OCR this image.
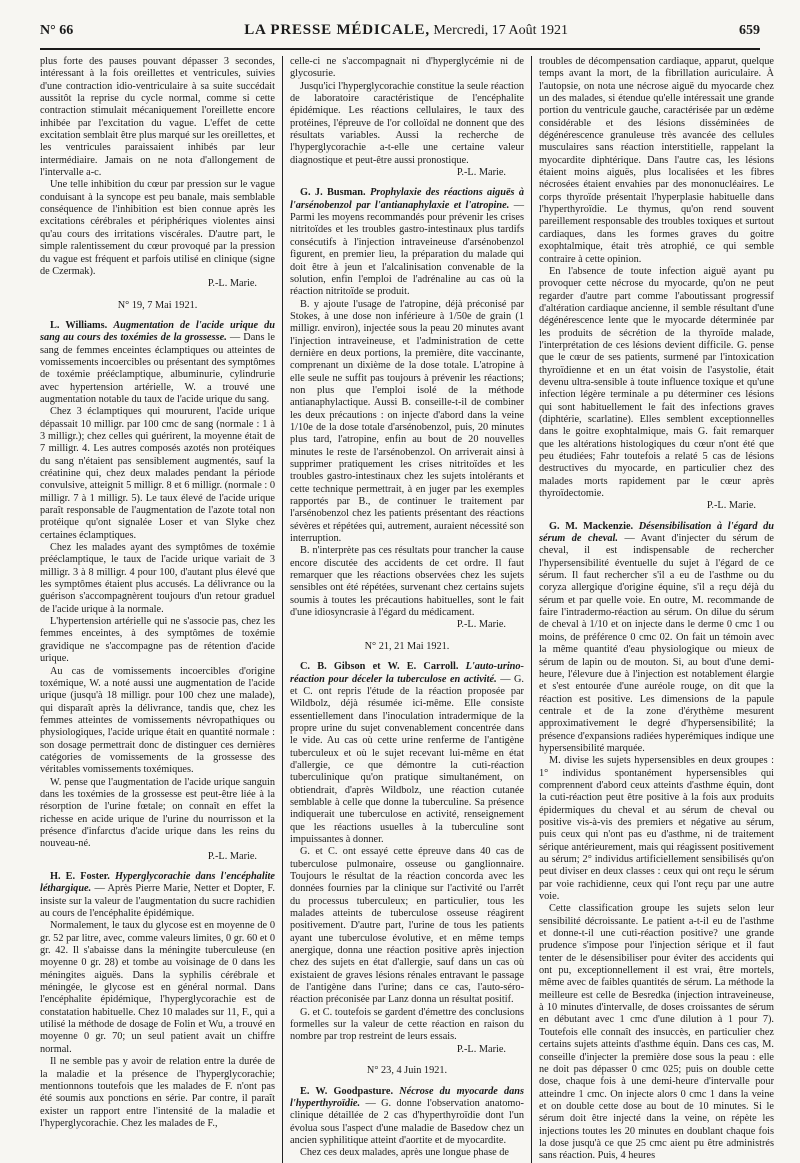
N° 66	LA PRESSE MÉDICALE, Mercredi, 17 Août 1921	659

plus forte des pauses pouvant dépasser 3 secondes, intéressant à la fois oreillettes et ventricules, suivies d'une contraction idio-ventriculaire à sa suite succédait aussitôt la reprise du cycle normal, comme si cette contraction stimulait mécaniquement l'oreillette encore inhibée par l'excitation du vague. L'effet de cette excitation semblait être plus marqué sur les oreillettes, et les ventricules paraissaient inhibés par leur intermédiaire. Jamais on ne nota d'allongement de l'intervalle a-c.

Une telle inhibition du cœur par pression sur le vague conduisant à la syncope est peu banale, mais semblable conséquence de l'inhibition est bien connue après les excitations cérébrales et périphériques violentes ainsi qu'au cours des irritations viscérales. D'autre part, le simple ralentissement du cœur provoqué par la pression du vague est fréquent et parfois utilisé en clinique (signe de Czermak).

P.-L. Marie.

N° 19, 7 Mai 1921.

L. Williams. Augmentation de l'acide urique du sang au cours des toxémies de la grossesse. — Dans le sang de femmes enceintes éclamptiques ou atteintes de vomissements incoercibles ou présentant des symptômes de toxémie prééclamptique, albuminurie, cylindrurie avec hypertension artérielle, W. a trouvé une augmentation notable du taux de l'acide urique du sang.

Chez 3 éclamptiques qui moururent, l'acide urique dépassait 10 milligr. par 100 cmc de sang (normale : 1 à 3 milligr.); chez celles qui guérirent, la moyenne était de 7 milligr. 4. Les autres composés azotés non protéiques du sang n'étaient pas sensiblement augmentés, sauf la créatinine qui, chez deux malades pendant la période convulsive, atteignit 5 milligr. 8 et 6 milligr. (normale : 0 milligr. 7 à 1 milligr. 5). Le taux élevé de l'acide urique paraît responsable de l'augmentation de l'azote total non protéique qu'ont signalée Loser et van Slyke chez certaines éclamptiques.

Chez les malades ayant des symptômes de toxémie prééclamptique, le taux de l'acide urique variait de 3 milligr. 3 à 8 milligr. 4 pour 100, d'autant plus élevé que les symptômes étaient plus accusés. La délivrance ou la guérison s'accompagnèrent toujours d'un retour graduel de l'acide urique à la normale.

L'hypertension artérielle qui ne s'associe pas, chez les femmes enceintes, à des symptômes de toxémie gravidique ne s'accompagne pas de rétention d'acide urique.

Au cas de vomissements incoercibles d'origine toxémique, W. a noté aussi une augmentation de l'acide urique (jusqu'à 18 milligr. pour 100 chez une malade), qui disparaît après la délivrance, tandis que, chez les femmes atteintes de vomissements névropathiques ou physiologiques, l'acide urique était en quantité normale : son dosage permettrait donc de distinguer ces dernières catégories de vomissements de la grossesse des véritables vomissements toxémiques.

W. pense que l'augmentation de l'acide urique sanguin dans les toxémies de la grossesse est peut-être liée à la résorption de l'urine fœtale; on connaît en effet la richesse en acide urique de l'urine du nourrisson et la présence d'infarctus d'acide urique dans les reins du nouveau-né.

P.-L. Marie.

H. E. Foster. Hyperglycorachie dans l'encéphalite léthargique. — Après Pierre Marie, Netter et Dopter, F. insiste sur la valeur de l'augmentation du sucre rachidien au cours de l'encéphalite épidémique.

Normalement, le taux du glycose est en moyenne de 0 gr. 52 par litre, avec, comme valeurs limites, 0 gr. 60 et 0 gr. 42. Il s'abaisse dans la méningite tuberculeuse (en moyenne 0 gr. 28) et tombe au voisinage de 0 dans les méningites aiguës. Dans la syphilis cérébrale et méningée, le glycose est en général normal. Dans l'encéphalite épidémique, l'hyperglycorachie est de constatation habituelle. Chez 10 malades sur 11, F., qui a utilisé la méthode de dosage de Folin et Wu, a trouvé en moyenne 0 gr. 70; un seul patient avait un chiffre normal.

Il ne semble pas y avoir de relation entre la durée de la maladie et la présence de l'hyperglycorachie; mentionnons toutefois que les malades de F. n'ont pas été soumis aux ponctions en série. Par contre, il paraît exister un rapport entre l'intensité de la maladie et l'hyperglycorachie. Chez les malades de F.,

celle-ci ne s'accompagnait ni d'hyperglycémie ni de glycosurie.

Jusqu'ici l'hyperglycorachie constitue la seule réaction de laboratoire caractéristique de l'encéphalite épidémique. Les réactions cellulaires, le taux des protéines, l'épreuve de l'or colloïdal ne donnent que des résultats variables. Aussi la recherche de l'hyperglycorachie a-t-elle une certaine valeur diagnostique et peut-être aussi pronostique.

P.-L. Marie.

G. J. Busman. Prophylaxie des réactions aiguës à l'arsénobenzol par l'antianaphylaxie et l'atropine. — Parmi les moyens recommandés pour prévenir les crises nitritoïdes et les troubles gastro-intestinaux plus tardifs consécutifs à l'injection intraveineuse d'arsénobenzol figurent, en premier lieu, la préparation du malade qui doit être à jeun et l'alcalinisation convenable de la solution, enfin l'emploi de l'adrénaline au cas où la réaction nitritoïde se produit.

B. y ajoute l'usage de l'atropine, déjà préconisé par Stokes, à une dose non inférieure à 1/50e de grain (1 milligr. environ), injectée sous la peau 20 minutes avant l'injection intraveineuse, et l'administration de cette dernière en deux portions, la première, dite vaccinante, comprenant un dixième de la dose totale. L'atropine à elle seule ne suffit pas toujours à prévenir les réactions; non plus que l'emploi isolé de la méthode antianaphylactique. Aussi B. conseille-t-il de combiner les deux précautions : on injecte d'abord dans la veine 1/10e de la dose totale d'arsénobenzol, puis, 20 minutes plus tard, l'atropine, enfin au bout de 20 nouvelles minutes le reste de l'arsénobenzol. On arriverait ainsi à supprimer pratiquement les crises nitritoïdes et les troubles gastro-intestinaux chez les sujets intolérants et cette technique permettrait, à en juger par les exemples rapportés par B., de continuer le traitement par l'arsénobenzol chez les patients présentant des réactions sévères et répétées qui, autrement, auraient nécessité son interruption.

B. n'interprète pas ces résultats pour trancher la cause encore discutée des accidents de cet ordre. Il faut remarquer que les réactions observées chez les sujets sensibles ont été répétées, survenant chez certains sujets soumis à toutes les précautions habituelles, sont le fait d'une idiosyncrasie à l'égard du médicament.

P.-L. Marie.

N° 21, 21 Mai 1921.

C. B. Gibson et W. E. Carroll. L'auto-urino-réaction pour déceler la tuberculose en activité. — G. et C. ont repris l'étude de la réaction proposée par Wildbolz, déjà résumée ici-même. Elle consiste essentiellement dans l'inoculation intradermique de la propre urine du sujet convenablement concentrée dans le vide. Au cas où cette urine renferme de l'antigène tuberculeux et où le sujet recevant lui-même en état d'allergie, ce que démontre la cuti-réaction tuberculinique qu'on pratique simultanément, on obtiendrait, d'après Wildbolz, une réaction cutanée semblable à celle que donne la tuberculine. Sa présence indiquerait une tuberculose en activité, renseignement que les réactions usuelles à la tuberculine sont impuissantes à donner.

G. et C. ont essayé cette épreuve dans 40 cas de tuberculose pulmonaire, osseuse ou ganglionnaire. Toujours le résultat de la réaction concorda avec les données fournies par la clinique sur l'activité ou l'arrêt du processus tuberculeux; en particulier, tous les malades atteints de tuberculose osseuse réagirent positivement. D'autre part, l'urine de tous les patients ayant une tuberculose évolutive, et en même temps anergique, donna une réaction positive après injection chez des sujets en état d'allergie, sauf dans un cas où existaient de graves lésions rénales entravant le passage de l'antigène dans l'urine; dans ce cas, l'auto-séro-réaction préconisée par Lanz donna un résultat positif.

G. et C. toutefois se gardent d'émettre des conclusions formelles sur la valeur de cette réaction en raison du nombre par trop restreint de leurs essais.

P.-L. Marie.

N° 23, 4 Juin 1921.

E. W. Goodpasture. Nécrose du myocarde dans l'hyperthyroïdie. — G. donne l'observation anatomo-clinique détaillée de 2 cas d'hyperthyroïdie dont l'un évolua sous l'aspect d'une maladie de Basedow chez un ancien syphilitique atteint d'aortite et de myocardite.

Chez ces deux malades, après une longue phase de

troubles de décompensation cardiaque, apparut, quelque temps avant la mort, de la fibrillation auriculaire. À l'autopsie, on nota une nécrose aiguë du myocarde chez un des malades, si étendue qu'elle intéressait une grande portion du ventricule gauche, caractérisée par un œdème considérable et des lésions disséminées de dégénérescence granuleuse très avancée des cellules musculaires sans réaction interstitielle, rappelant la myocardite diphtérique. Dans l'autre cas, les lésions étaient moins aiguës, plus localisées et les fibres nécrosées étaient envahies par des mononucléaires. Le corps thyroïde présentait l'hyperplasie habituelle dans l'hyperthyroïdie. Le thymus, qu'on rend souvent pareillement responsable des troubles toxiques et surtout cardiaques, dans les formes graves du goitre exophtalmique, était très atrophié, ce qui semble contraire à cette opinion.

En l'absence de toute infection aiguë ayant pu provoquer cette nécrose du myocarde, qu'on ne peut regarder d'autre part comme l'aboutissant progressif d'altération cardiaque ancienne, il semble résultant d'une dégénérescence lente que le myocarde déterminée par les produits de sécrétion de la thyroïde malade, l'interprétation de ces lésions devient difficile. G. pense que le cœur de ses patients, surmené par l'intoxication thyroïdienne et en un état voisin de l'asystolie, était devenu ultra-sensible à toute influence toxique et qu'une infection légère terminale a pu déterminer ces lésions qui sont habituellement le fait des infections graves (diphtérie, scarlatine). Elles semblent exceptionnelles dans le goitre exophtalmique, mais G. fait remarquer que les altérations histologiques du cœur n'ont été que peu étudiées; Fahr toutefois a relaté 5 cas de lésions destructives du myocarde, en particulier chez des malades morts rapidement par le cœur après thyroïdectomie.

P.-L. Marie.

G. M. Mackenzie. Désensibilisation à l'égard du sérum de cheval. — Avant d'injecter du sérum de cheval, il est indispensable de rechercher l'hypersensibilité éventuelle du sujet à l'égard de ce sérum. Il faut rechercher s'il a eu de l'asthme ou du coryza allergique d'origine équine, s'il a reçu déjà du sérum et par quelle voie. En outre, M. recommande de faire l'intradermo-réaction au sérum. On dilue du sérum de cheval à 1/10 et on injecte dans le derme 0 cmc 1 ou moins, de préférence 0 cmc 02. On fait un témoin avec la même quantité d'eau physiologique ou mieux de sérum de lapin ou de mouton. Si, au bout d'une demi-heure, l'élevure due à l'injection est notablement élargie et s'est entourée d'une auréole rouge, on dit que la réaction est positive. Les dimensions de la papule centrale et de la zone d'érythème mesurent approximativement le degré d'hypersensibilité; la présence d'expansions radiées hyperémiques indique une hypersensibilité marquée.

M. divise les sujets hypersensibles en deux groupes : 1° individus spontanément hypersensibles qui comprennent d'abord ceux atteints d'asthme équin, dont la cuti-réaction peut être positive à la fois aux produits épidermiques du cheval et au sérum de cheval ou positive vis-à-vis des premiers et négative au sérum, puis ceux qui n'ont pas eu d'asthme, ni de traitement sérique antérieurement, mais qui réagissent positivement au sérum; 2° individus artificiellement sensibilisés qu'on peut diviser en deux classes : ceux qui ont reçu le sérum par voie rachidienne, ceux qui l'ont reçu par une autre voie.

Cette classification groupe les sujets selon leur sensibilité décroissante. Le patient a-t-il eu de l'asthme et donne-t-il une cuti-réaction positive? une grande prudence s'impose pour l'injection sérique et il faut tenter de le désensibiliser pour éviter des accidents qui ont pu, exceptionnellement il est vrai, être mortels, même avec de faibles quantités de sérum. La méthode la meilleure est celle de Besredka (injection intraveineuse, à 10 minutes d'intervalle, de doses croissantes de sérum en débutant avec 1 cmc d'une dilution à 1 pour 7). Toutefois elle connaît des insuccès, en particulier chez certains sujets atteints d'asthme équin. Dans ces cas, M. conseille d'injecter la première dose sous la peau : elle ne doit pas dépasser 0 cmc 025; puis on double cette dose, chaque fois à une demi-heure d'intervalle pour atteindre 1 cmc. On injecte alors 0 cmc 1 dans la veine et on double cette dose au bout de 10 minutes. Si le sérum doit être injecté dans la veine, on répète les injections toutes les 20 minutes en doublant chaque fois la dose jusqu'à ce que 25 cmc aient pu être administrés sans réaction. Puis, 4 heures
